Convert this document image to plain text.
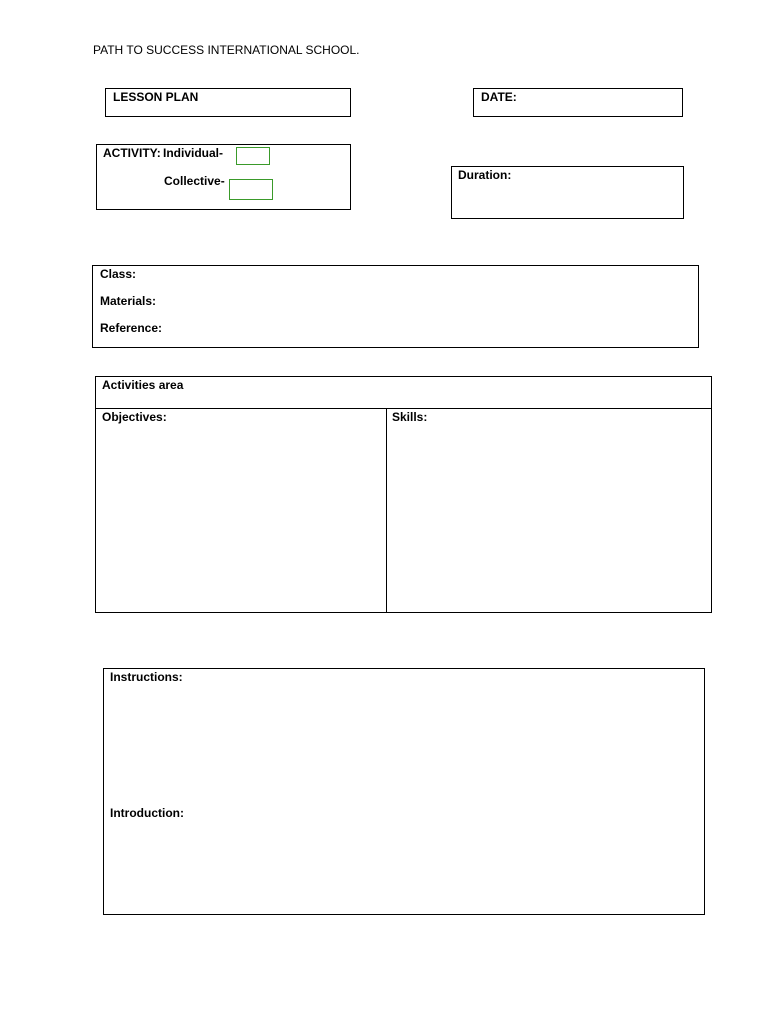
PATH TO SUCCESS INTERNATIONAL SCHOOL.
LESSON PLAN	DATE:
ACTIVITY: Individual-
Collective-	Duration:
Class:
Materials:
Reference:
Activities area
Objectives:	Skills:
Instructions:
Introduction:
